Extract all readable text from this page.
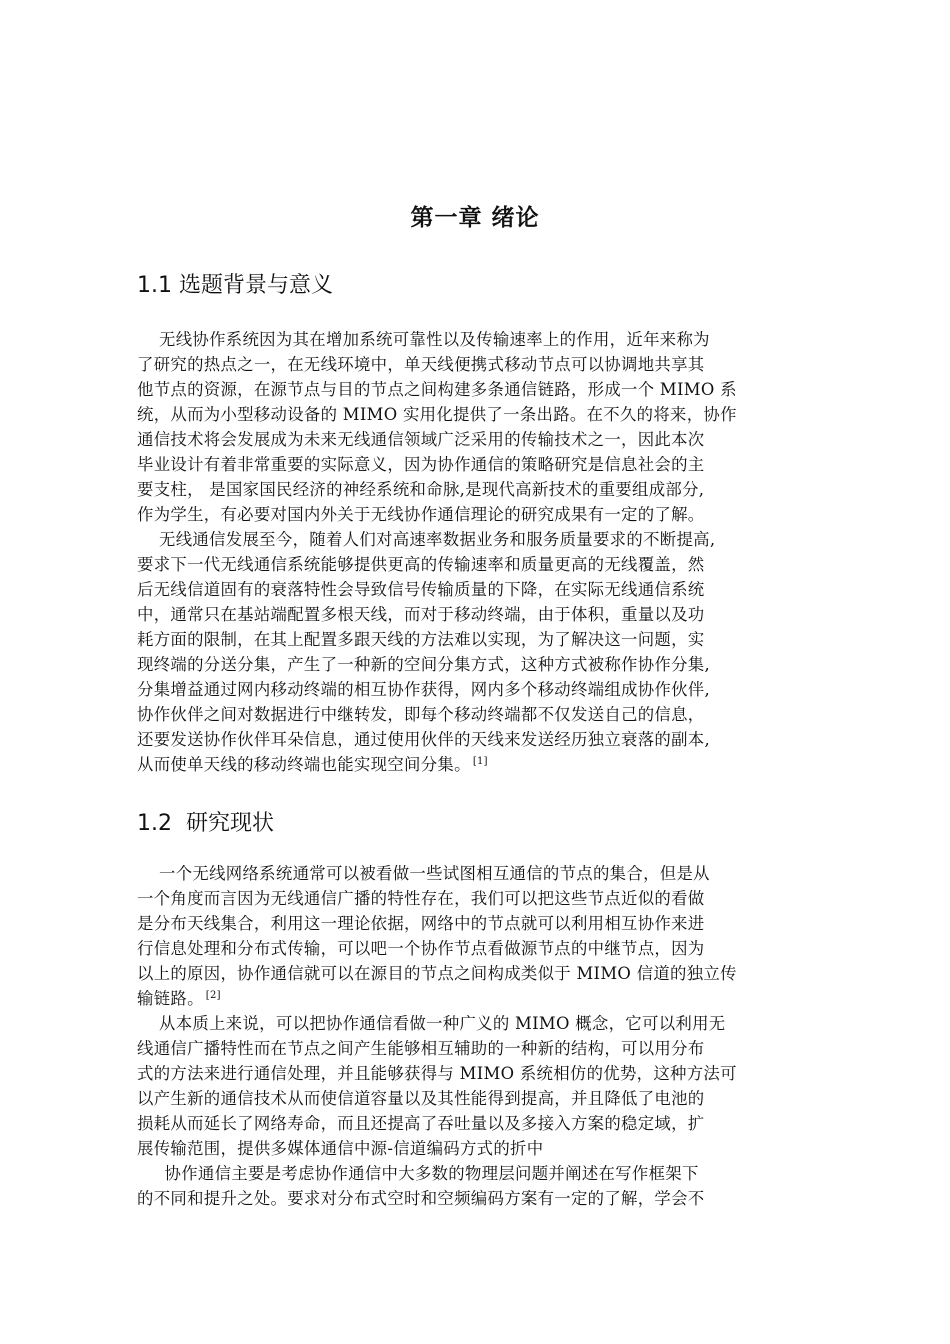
第一章 绪论
1.1 选题背景与意义
无线协作系统因为其在增加系统可靠性以及传输速率上的作用，近年来称为
了研究的热点之一，在无线环境中，单天线便携式移动节点可以协调地共享其
他节点的资源，在源节点与目的节点之间构建多条通信链路，形成一个 MIMO 系
统，从而为小型移动设备的 MIMO 实用化提供了一条出路。在不久的将来，协作
通信技术将会发展成为未来无线通信领域广泛采用的传输技术之一，因此本次
毕业设计有着非常重要的实际意义，因为协作通信的策略研究是信息社会的主
要支柱， 是国家国民经济的神经系统和命脉,是现代高新技术的重要组成部分,
作为学生，有必要对国内外关于无线协作通信理论的研究成果有一定的了解。
无线通信发展至今，随着人们对高速率数据业务和服务质量要求的不断提高,
要求下一代无线通信系统能够提供更高的传输速率和质量更高的无线覆盖，然
后无线信道固有的衰落特性会导致信号传输质量的下降，在实际无线通信系统
中，通常只在基站端配置多根天线，而对于移动终端，由于体积，重量以及功
耗方面的限制，在其上配置多跟天线的方法难以实现，为了解决这一问题，实
现终端的分送分集，产生了一种新的空间分集方式，这种方式被称作协作分集,
分集增益通过网内移动终端的相互协作获得，网内多个移动终端组成协作伙伴,
协作伙伴之间对数据进行中继转发，即每个移动终端都不仅发送自己的信息，
还要发送协作伙伴耳朵信息，通过使用伙伴的天线来发送经历独立衰落的副本,
从而使单天线的移动终端也能实现空间分集。 [1]
1.2  研究现状
一个无线网络系统通常可以被看做一些试图相互通信的节点的集合，但是从
一个角度而言因为无线通信广播的特性存在，我们可以把这些节点近似的看做
是分布天线集合，利用这一理论依据，网络中的节点就可以利用相互协作来进
行信息处理和分布式传输，可以吧一个协作节点看做源节点的中继节点，因为
以上的原因，协作通信就可以在源目的节点之间构成类似于 MIMO 信道的独立传
输链路。 [2]
从本质上来说，可以把协作通信看做一种广义的 MIMO 概念，它可以利用无
线通信广播特性而在节点之间产生能够相互辅助的一种新的结构，可以用分布
式的方法来进行通信处理，并且能够获得与 MIMO 系统相仿的优势，这种方法可
以产生新的通信技术从而使信道容量以及其性能得到提高，并且降低了电池的
损耗从而延长了网络寿命，而且还提高了吞吐量以及多接入方案的稳定域，扩
展传输范围，提供多媒体通信中源-信道编码方式的折中
协作通信主要是考虑协作通信中大多数的物理层问题并阐述在写作框架下
的不同和提升之处。要求对分布式空时和空频编码方案有一定的了解，学会不
